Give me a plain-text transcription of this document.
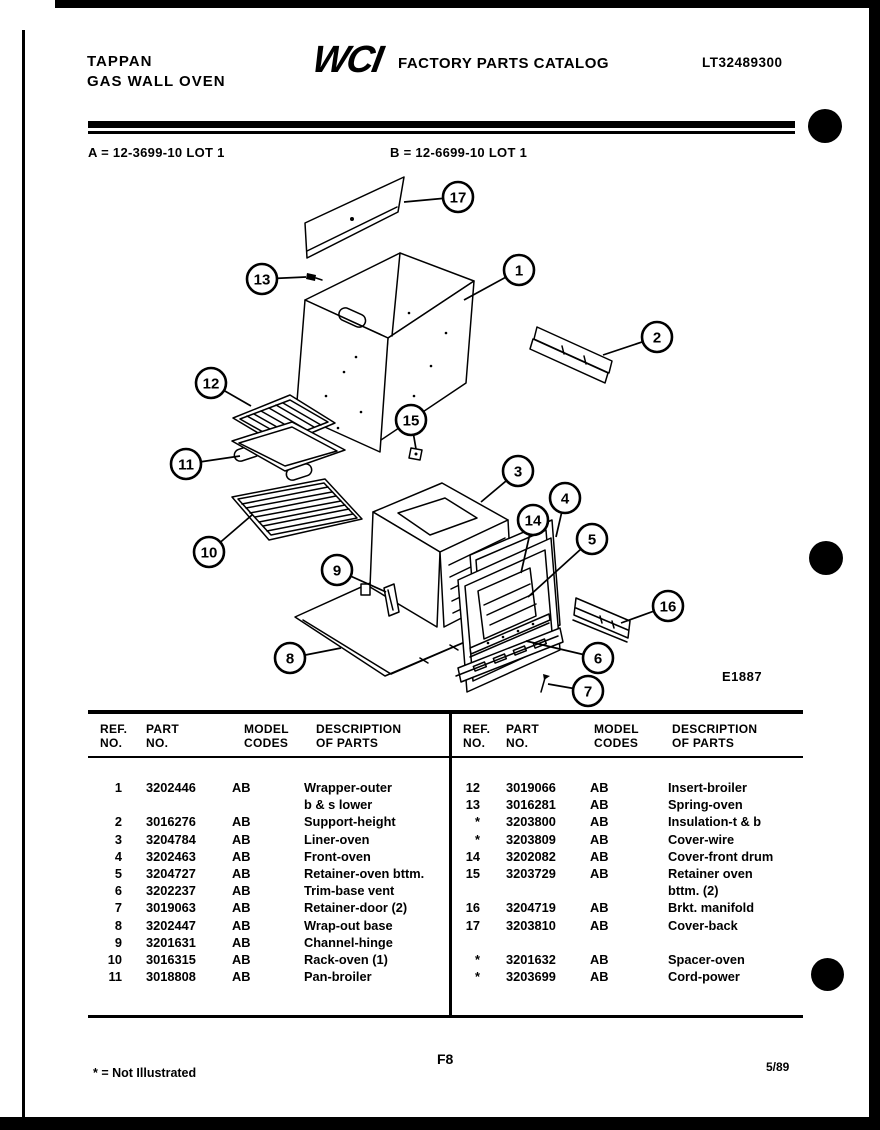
TAPPAN
GAS WALL OVEN
WCI FACTORY PARTS CATALOG	LT32489300
A = 12-3699-10 LOT 1	B = 12-6699-10 LOT 1
17
13
1
2
12
15
11	3
4
14
5
10
9
16
6
8
7
E1887
REF.
NO.
PART
NO.
MODEL
CODES
DESCRIPTION
OF PARTS
REF.
NO.
PART
NO.
MODEL
CODES
DESCRIPTION
OF PARTS
1	3202446	AB	Wrapper-outer
b & s lower
2	3016276	AB	Support-height
3	3204784	AB	Liner-oven
4	3202463	AB	Front-oven
5	3204727	AB	Retainer-oven bttm.
6	3202237	AB	Trim-base vent
7	3019063	AB	Retainer-door (2)
8	3202447	AB	Wrap-out base
9	3201631	AB	Channel-hinge
10	3016315	AB	Rack-oven (1)
11	3018808	AB	Pan-broiler
12	3019066	AB	Insert-broiler
13	3016281	AB	Spring-oven
*	3203800	AB	Insulation-t & b
*	3203809	AB	Cover-wire
14	3202082	AB	Cover-front drum
15	3203729	AB	Retainer oven
bttm. (2)
16	3204719	AB	Brkt. manifold
17	3203810	AB	Cover-back
*	3201632	AB	Spacer-oven
*	3203699	AB	Cord-power
* = Not Illustrated
F8	5/89
